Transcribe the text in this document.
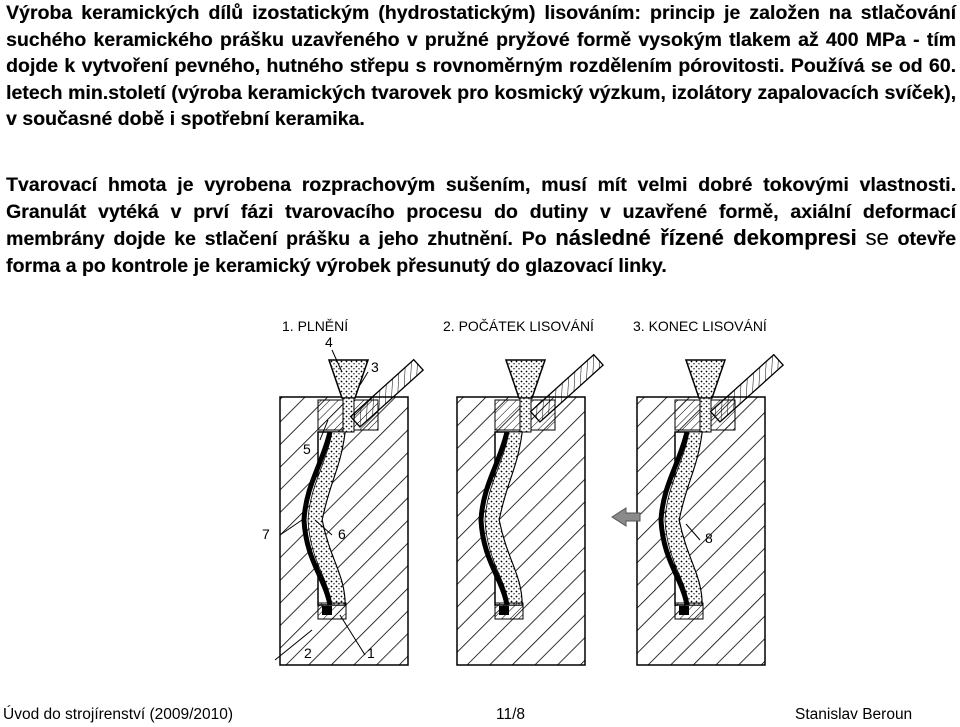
Výroba keramických dílů izostatickým (hydrostatickým) lisováním: princip je založen na stlačování suchého keramického prášku uzavřeného v pružné pryžové formě vysokým tlakem až 400 MPa - tím dojde k vytvoření pevného, hutného střepu s rovnoměrným rozdělením pórovitosti. Používá se od 60. letech min.století (výroba keramických tvarovek pro kosmický výzkum, izolátory zapalovacích svíček), v současné době i spotřební keramika.
Tvarovací hmota je vyrobena rozprachovým sušením, musí mít velmi dobré tokovými vlastnosti. Granulát vytéká v prví fázi tvarovacího procesu do dutiny v uzavřené formě, axiální deformací membrány dojde ke stlačení prášku a jeho zhutnění. Po následné řízené dekompresi se otevře forma a po kontrole je keramický výrobek přesunutý do glazovací linky.
1. PLNĚNÍ	2. POČÁTEK LISOVÁNÍ	3. KONEC LISOVÁNÍ
4
3
5
7	6
2	1
8
Úvod do strojírenství (2009/2010)	11/8	Stanislav Beroun
